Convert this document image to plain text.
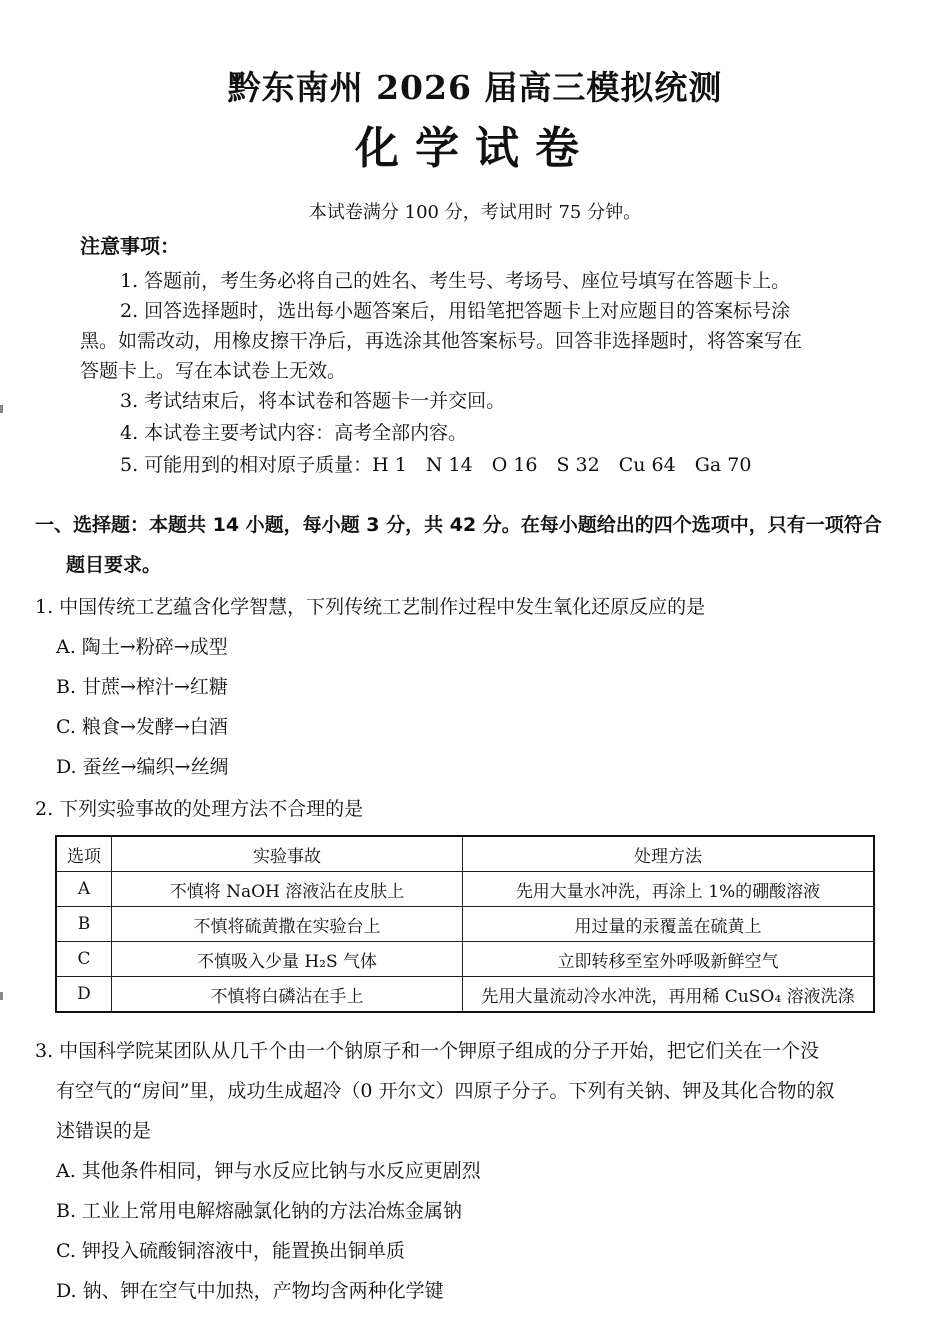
黔东南州 2026 届高三模拟统测
化学试卷
本试卷满分 100 分，考试用时 75 分钟。
注意事项：
1. 答题前，考生务必将自己的姓名、考生号、考场号、座位号填写在答题卡上。
2. 回答选择题时，选出每小题答案后，用铅笔把答题卡上对应题目的答案标号涂
黑。如需改动，用橡皮擦干净后，再选涂其他答案标号。回答非选择题时，将答案写在
答题卡上。写在本试卷上无效。
3. 考试结束后，将本试卷和答题卡一并交回。
4. 本试卷主要考试内容：高考全部内容。
5. 可能用到的相对原子质量：H 1　N 14　O 16　S 32　Cu 64　Ga 70
一、选择题：本题共 14 小题，每小题 3 分，共 42 分。在每小题给出的四个选项中，只有一项符合
题目要求。
1. 中国传统工艺蕴含化学智慧，下列传统工艺制作过程中发生氧化还原反应的是
A. 陶土→粉碎→成型
B. 甘蔗→榨汁→红糖
C. 粮食→发酵→白酒
D. 蚕丝→编织→丝绸
2. 下列实验事故的处理方法不合理的是
选项	实验事故	处理方法
A	不慎将 NaOH 溶液沾在皮肤上	先用大量水冲洗，再涂上 1%的硼酸溶液
B	不慎将硫黄撒在实验台上	用过量的汞覆盖在硫黄上
C	不慎吸入少量 H₂S 气体	立即转移至室外呼吸新鲜空气
D	不慎将白磷沾在手上	先用大量流动冷水冲洗，再用稀 CuSO₄ 溶液洗涤
3. 中国科学院某团队从几千个由一个钠原子和一个钾原子组成的分子开始，把它们关在一个没
有空气的“房间”里，成功生成超冷（0 开尔文）四原子分子。下列有关钠、钾及其化合物的叙
述错误的是
A. 其他条件相同，钾与水反应比钠与水反应更剧烈
B. 工业上常用电解熔融氯化钠的方法冶炼金属钠
C. 钾投入硫酸铜溶液中，能置换出铜单质
D. 钠、钾在空气中加热，产物均含两种化学键
